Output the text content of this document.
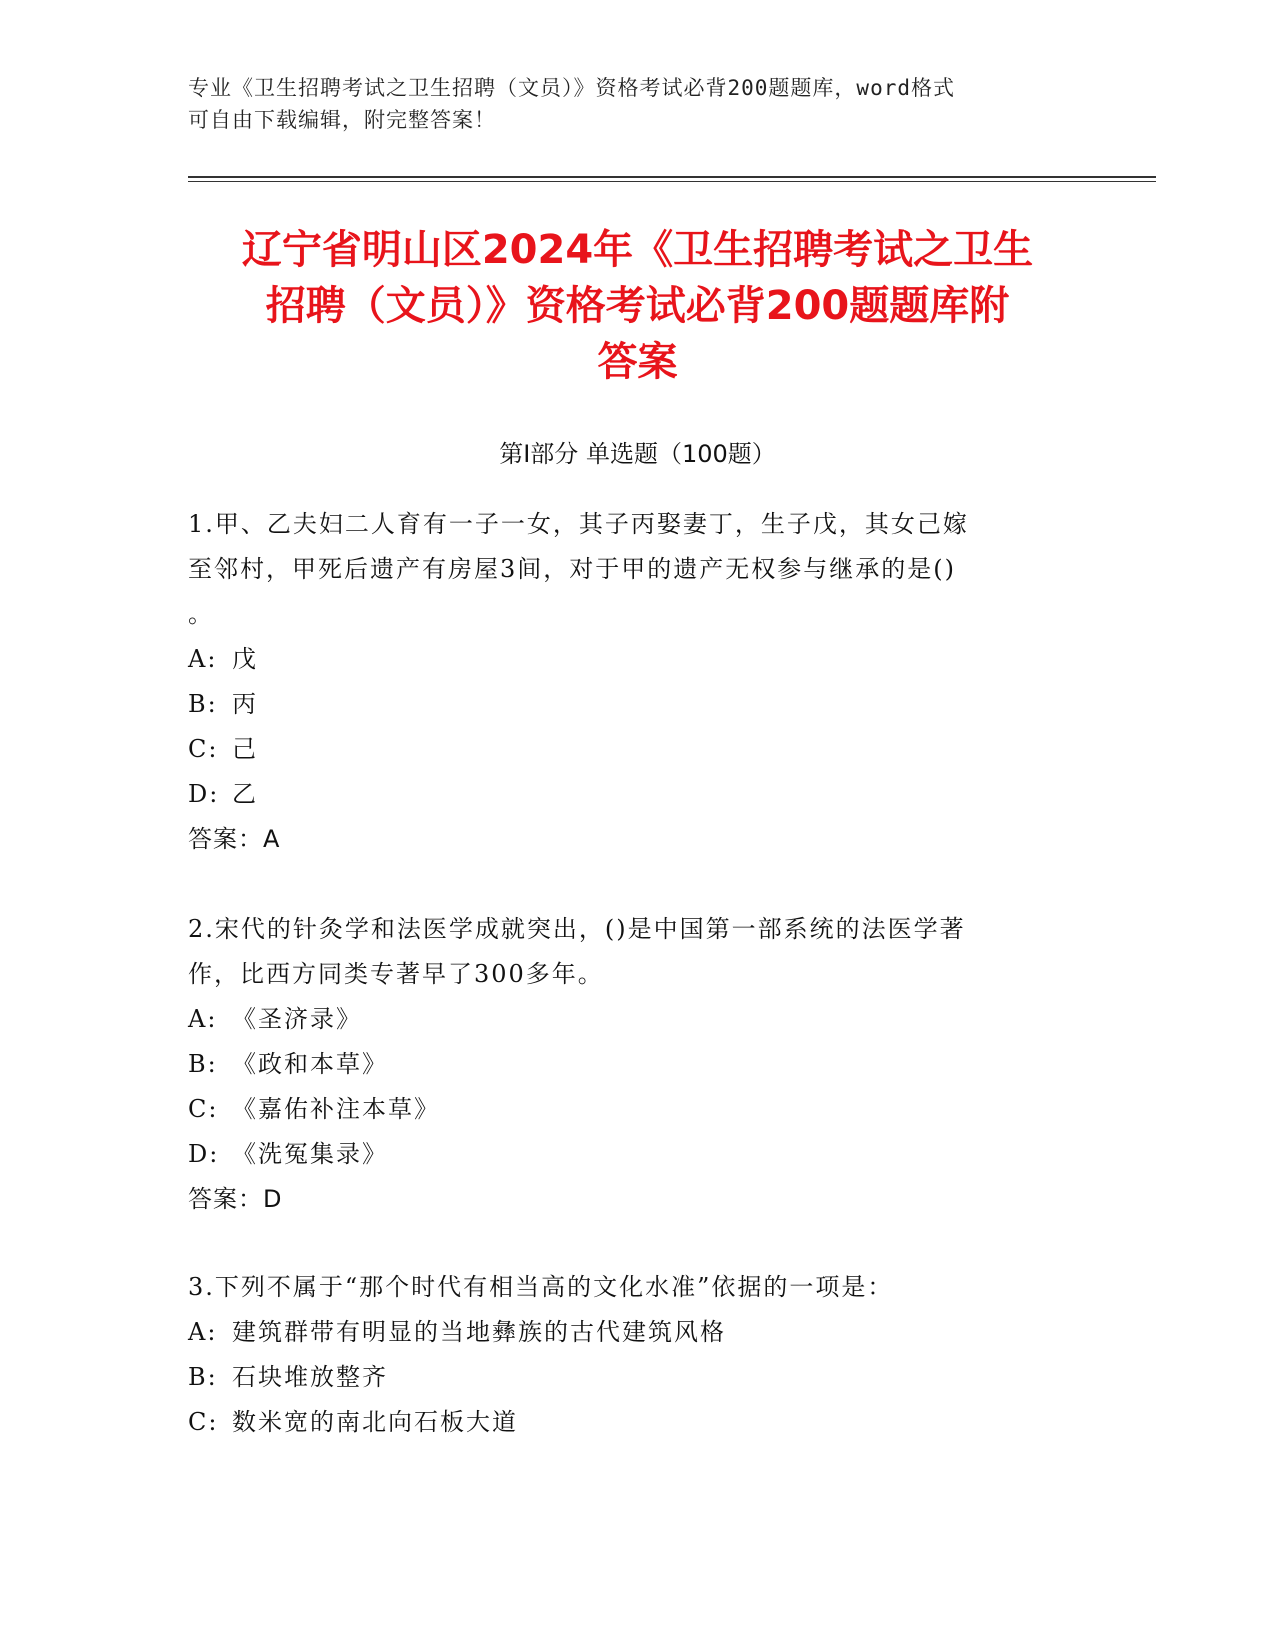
专业《卫生招聘考试之卫生招聘（文员）》资格考试必背200题题库，word格式
可自由下载编辑，附完整答案！
辽宁省明山区2024年《卫生招聘考试之卫生
招聘（文员）》资格考试必背200题题库附
答案
第Ⅰ部分 单选题（100题）
1.甲、乙夫妇二人育有一子一女，其子丙娶妻丁，生子戊，其女己嫁
至邻村，甲死后遗产有房屋3间，对于甲的遗产无权参与继承的是()
。
A: 戊
B: 丙
C: 己
D: 乙
答案：A
2.宋代的针灸学和法医学成就突出，()是中国第一部系统的法医学著
作，比西方同类专著早了300多年。
A: 《圣济录》
B: 《政和本草》
C: 《嘉佑补注本草》
D: 《洗冤集录》
答案：D
3.下列不属于“那个时代有相当高的文化水准”依据的一项是：
A: 建筑群带有明显的当地彝族的古代建筑风格
B: 石块堆放整齐
C: 数米宽的南北向石板大道
